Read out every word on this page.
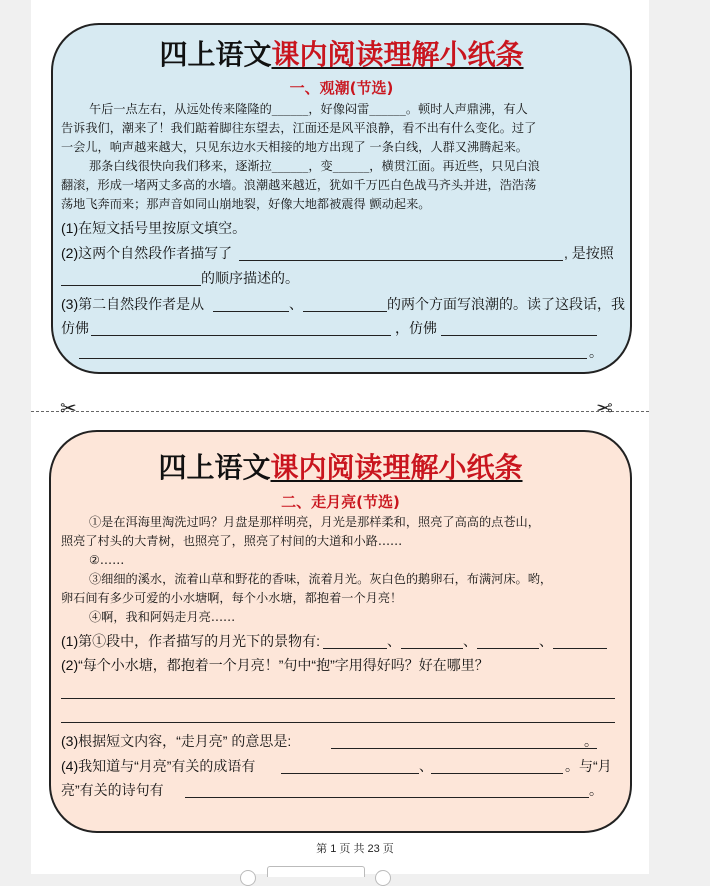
四上语文课内阅读理解小纸条
一、观潮(节选)
午后一点左右，从远处传来隆隆的______，好像闷雷______。顿时人声鼎沸，有人
告诉我们，潮来了！我们踮着脚往东望去，江面还是风平浪静，看不出有什么变化。过了
一会儿，响声越来越大，只见东边水天相接的地方出现了 一条白线，人群又沸腾起来。
那条白线很快向我们移来，逐渐拉______，变______，横贯江面。再近些，只见白浪
翻滚，形成一堵两丈多高的水墙。浪潮越来越近，犹如千万匹白色战马齐头并进，浩浩荡
荡地飞奔而来；那声音如同山崩地裂，好像大地都被震得 颤动起来。
(1)在短文括号里按原文填空。
(2)这两个自然段作者描写了	, 是按照
的顺序描述的。
(3)第二自然段作者是从	、	的两个方面写浪潮的。读了这段话，我
仿佛	，仿佛
。
✂	✂
四上语文课内阅读理解小纸条
二、走月亮(节选)
①是在洱海里淘洗过吗？月盘是那样明亮，月光是那样柔和，照亮了高高的点苍山，
照亮了村头的大青树，也照亮了，照亮了村间的大道和小路……
②……
③细细的溪水，流着山草和野花的香味，流着月光。灰白色的鹅卵石，布满河床。哟，
卵石间有多少可爱的小水塘啊，每个小水塘，都抱着一个月亮！
④啊，我和阿妈走月亮……
(1)第①段中，作者描写的月光下的景物有:	、	、	、
(2)“每个小水塘，都抱着一个月亮！”句中“抱”字用得好吗？好在哪里？
(3)根据短文内容，“走月亮” 的意思是:	。
(4)我知道与“月亮”有关的成语有	、	。与“月
亮”有关的诗句有	。
第 1 页 共 23 页
